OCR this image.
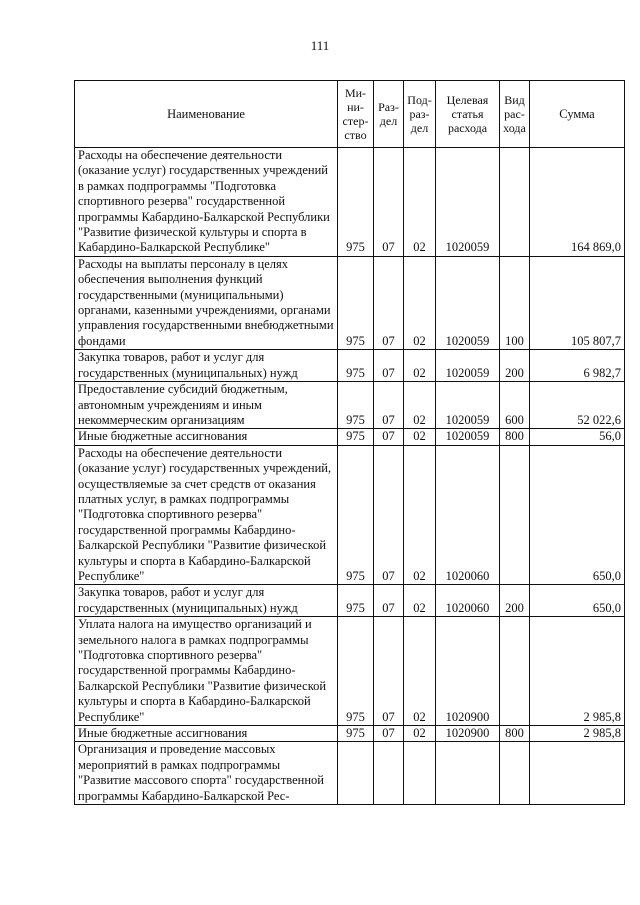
111
Наименование	Ми-
ни-
стер-
ство	Раз-
дел	Под-
раз-
дел	Целевая
статья
расхода	Вид
рас-
хода	Сумма
Расходы на обеспечение деятельности (оказание услуг) государственных учреждений в рамках подпрограммы "Подготовка спортивного резерва" государственной программы Кабардино-Балкарской Республики "Развитие физической культуры и спорта в Кабардино-Балкарской Республике"	975	07	02	1020059		164 869,0
Расходы на выплаты персоналу в целях обеспечения выполнения функций государственными (муниципальными) органами, казенными учреждениями, органами управления государственными внебюджетными фондами	975	07	02	1020059	100	105 807,7
Закупка товаров, работ и услуг для государственных (муниципальных) нужд	975	07	02	1020059	200	6 982,7
Предоставление субсидий бюджетным, автономным учреждениям и иным некоммерческим организациям	975	07	02	1020059	600	52 022,6
Иные бюджетные ассигнования	975	07	02	1020059	800	56,0
Расходы на обеспечение деятельности (оказание услуг) государственных учреждений, осуществляемые за счет средств от оказания платных услуг, в рамках подпрограммы "Подготовка спортивного резерва" государственной программы Кабардино-Балкарской Республики "Развитие физической культуры и спорта в Кабардино-Балкарской Республике"	975	07	02	1020060		650,0
Закупка товаров, работ и услуг для государственных (муниципальных) нужд	975	07	02	1020060	200	650,0
Уплата налога на имущество организаций и земельного налога в рамках подпрограммы "Подготовка спортивного резерва" государственной программы Кабардино-Балкарской Республики "Развитие физической культуры и спорта в Кабардино-Балкарской Республике"	975	07	02	1020900		2 985,8
Иные бюджетные ассигнования	975	07	02	1020900	800	2 985,8
Организация и проведение массовых мероприятий в рамках подпрограммы "Развитие массового спорта" государственной программы Кабардино-Балкарской Рес-						
